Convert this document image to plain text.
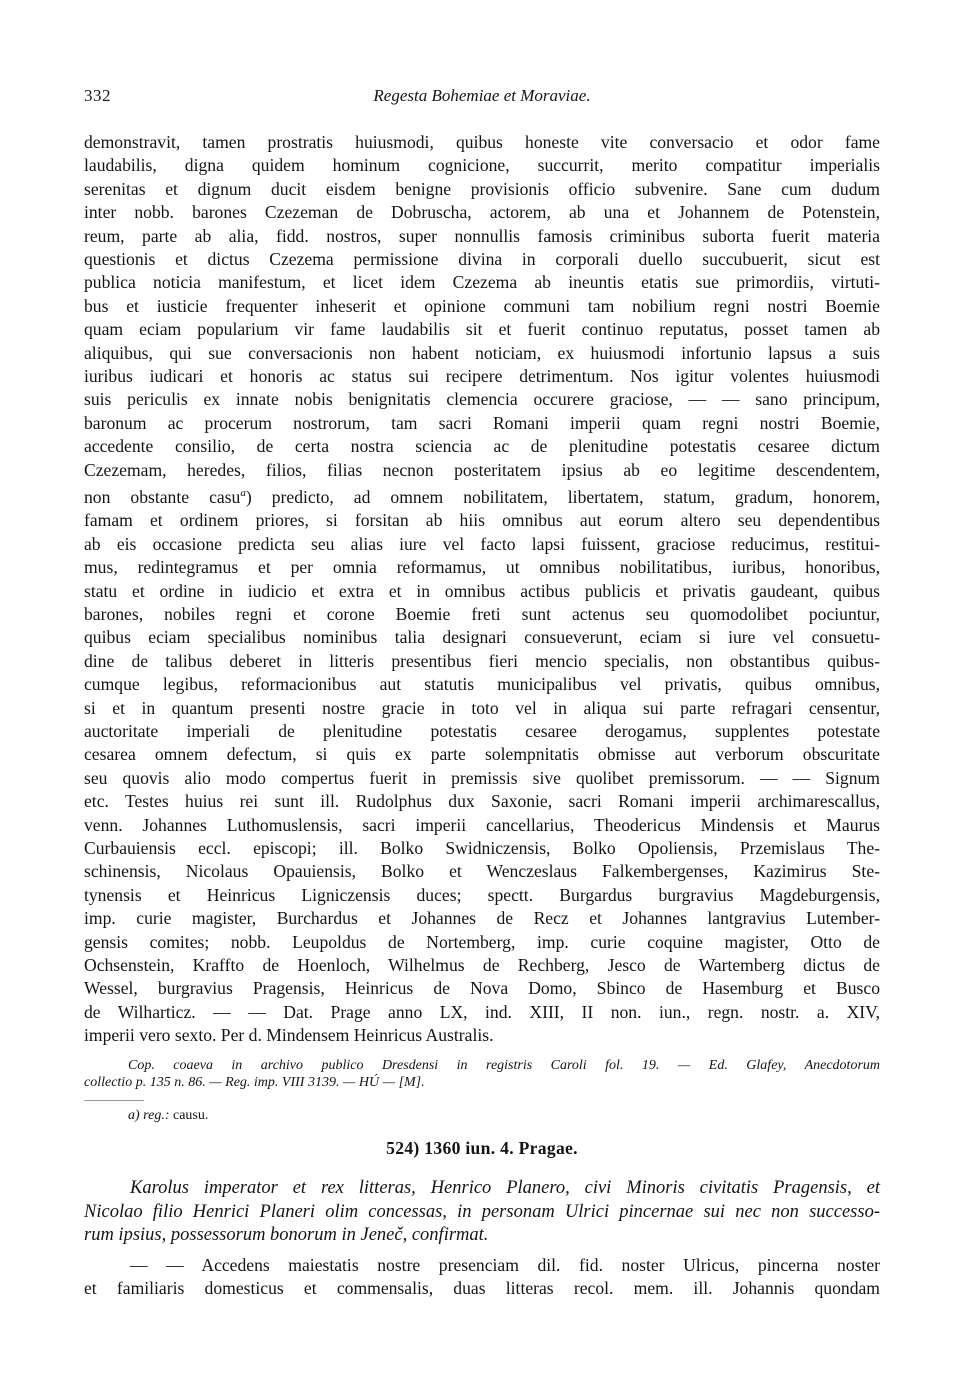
332	Regesta Bohemiae et Moraviae.
demonstravit, tamen prostratis huiusmodi, quibus honeste vite conversacio et odor fame
laudabilis, digna quidem hominum cognicione, succurrit, merito compatitur imperialis
serenitas et dignum ducit eisdem benigne provisionis officio subvenire. Sane cum dudum
inter nobb. barones Czezeman de Dobruscha, actorem, ab una et Johannem de Potenstein,
reum, parte ab alia, fidd. nostros, super nonnullis famosis criminibus suborta fuerit materia
questionis et dictus Czezema permissione divina in corporali duello succubuerit, sicut est
publica noticia manifestum, et licet idem Czezema ab ineuntis etatis sue primordiis, virtuti-
bus et iusticie frequenter inheserit et opinione communi tam nobilium regni nostri Boemie
quam eciam popularium vir fame laudabilis sit et fuerit continuo reputatus, posset tamen ab
aliquibus, qui sue conversacionis non habent noticiam, ex huiusmodi infortunio lapsus a suis
iuribus iudicari et honoris ac status sui recipere detrimentum. Nos igitur volentes huiusmodi
suis periculis ex innate nobis benignitatis clemencia occurere graciose, — — sano principum,
baronum ac procerum nostrorum, tam sacri Romani imperii quam regni nostri Boemie,
accedente consilio, de certa nostra sciencia ac de plenitudine potestatis cesaree dictum
Czezemam, heredes, filios, filias necnon posteritatem ipsius ab eo legitime descendentem,
non obstante casu$^a$) predicto, ad omnem nobilitatem, libertatem, statum, gradum, honorem,
famam et ordinem priores, si forsitan ab hiis omnibus aut eorum altero seu dependentibus
ab eis occasione predicta seu alias iure vel facto lapsi fuissent, graciose reducimus, restitui-
mus, redintegramus et per omnia reformamus, ut omnibus nobilitatibus, iuribus, honoribus,
statu et ordine in iudicio et extra et in omnibus actibus publicis et privatis gaudeant, quibus
barones, nobiles regni et corone Boemie freti sunt actenus seu quomodolibet pociuntur,
quibus eciam specialibus nominibus talia designari consueverunt, eciam si iure vel consuetu-
dine de talibus deberet in litteris presentibus fieri mencio specialis, non obstantibus quibus-
cumque legibus, reformacionibus aut statutis municipalibus vel privatis, quibus omnibus,
si et in quantum presenti nostre gracie in toto vel in aliqua sui parte refragari censentur,
auctoritate imperiali de plenitudine potestatis cesaree derogamus, supplentes potestate
cesarea omnem defectum, si quis ex parte solempnitatis obmisse aut verborum obscuritate
seu quovis alio modo compertus fuerit in premissis sive quolibet premissorum. — — Signum
etc. Testes huius rei sunt ill. Rudolphus dux Saxonie, sacri Romani imperii archimarescallus,
venn. Johannes Luthomuslensis, sacri imperii cancellarius, Theodericus Mindensis et Maurus
Curbauiensis eccl. episcopi; ill. Bolko Swidniczensis, Bolko Opoliensis, Przemislaus The-
schinensis, Nicolaus Opauiensis, Bolko et Wenczeslaus Falkembergenses, Kazimirus Ste-
tynensis et Heinricus Ligniczensis duces; spectt. Burgardus burgravius Magdeburgensis,
imp. curie magister, Burchardus et Johannes de Recz et Johannes lantgravius Lutember-
gensis comites; nobb. Leupoldus de Nortemberg, imp. curie coquine magister, Otto de
Ochsenstein, Kraffto de Hoenloch, Wilhelmus de Rechberg, Jesco de Wartemberg dictus de
Wessel, burgravius Pragensis, Heinricus de Nova Domo, Sbinco de Hasemburg et Busco
de Wilharticz. — — Dat. Prage anno LX, ind. XIII, II non. iun., regn. nostr. a. XIV,
imperii vero sexto. Per d. Mindensem Heinricus Australis.
Cop. coaeva in archivo publico Dresdensi in registris Caroli fol. 19. — Ed. Glafey, Anecdotorum
collectio p. 135 n. 86. — Reg. imp. VIII 3139. — HÚ — [M].

a) reg.: causu.

524) 1360 iun. 4. Pragae.
Karolus imperator et rex litteras, Henrico Planero, civi Minoris civitatis Pragensis, et
Nicolao filio Henrici Planeri olim concessas, in personam Ulrici pincernae sui nec non successo-
rum ipsius, possessorum bonorum in Jeneč, confirmat.
— — Accedens maiestatis nostre presenciam dil. fid. noster Ulricus, pincerna noster
et familiaris domesticus et commensalis, duas litteras recol. mem. ill. Johannis quondam
